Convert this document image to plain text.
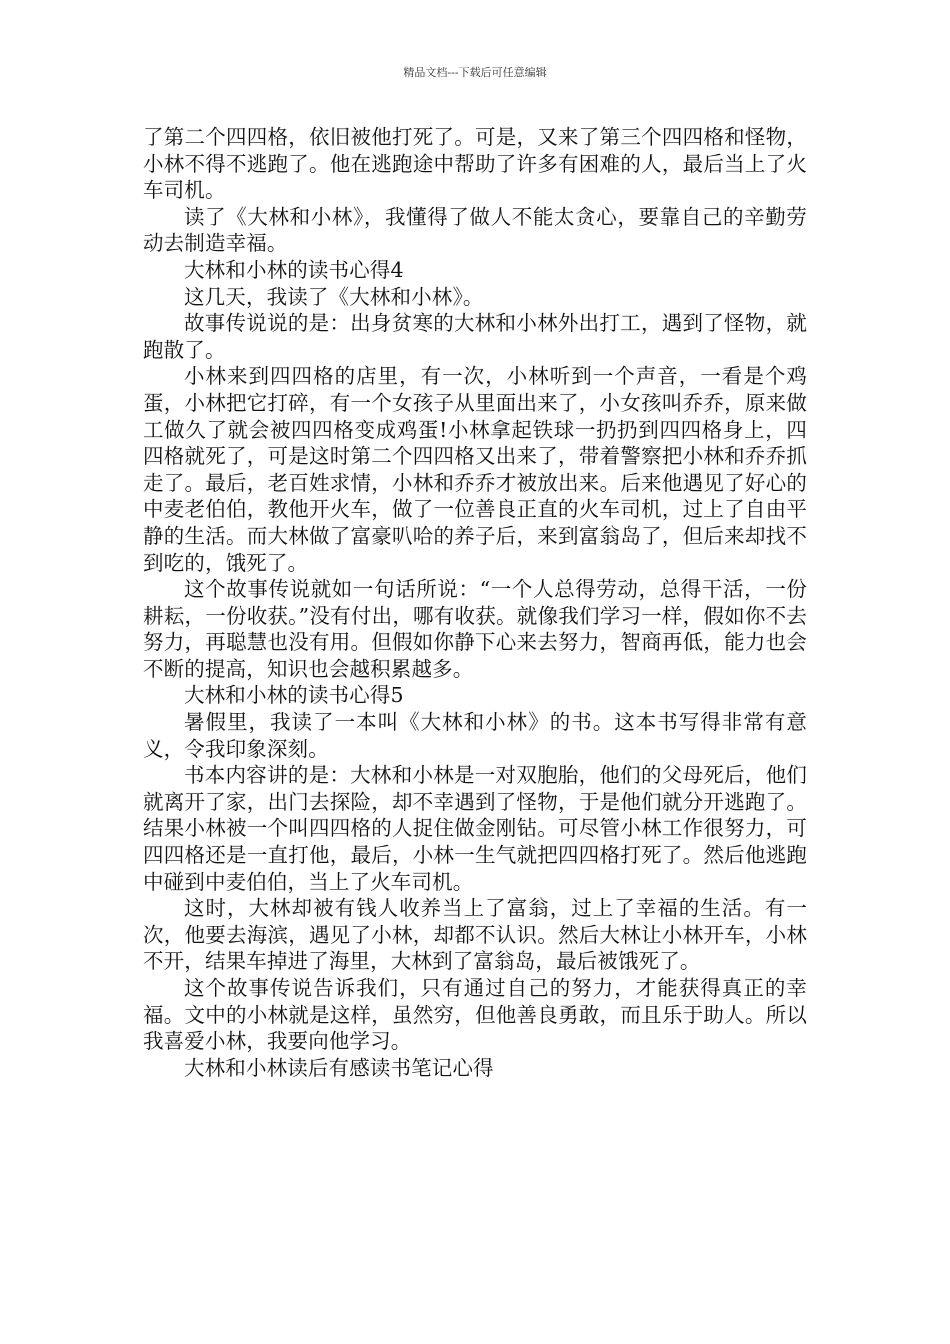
精品文档---下载后可任意编辑

了第二个四四格，依旧被他打死了。可是，又来了第三个四四格和怪物，小林不得不逃跑了。他在逃跑途中帮助了许多有困难的人，最后当上了火车司机。

读了《大林和小林》，我懂得了做人不能太贪心，要靠自己的辛勤劳动去制造幸福。

大林和小林的读书心得4

这几天，我读了《大林和小林》。

故事传说说的是：出身贫寒的大林和小林外出打工，遇到了怪物，就跑散了。

小林来到四四格的店里，有一次，小林听到一个声音，一看是个鸡蛋，小林把它打碎，有一个女孩子从里面出来了，小女孩叫乔乔，原来做工做久了就会被四四格变成鸡蛋!小林拿起铁球一扔扔到四四格身上，四四格就死了，可是这时第二个四四格又出来了，带着警察把小林和乔乔抓走了。最后，老百姓求情，小林和乔乔才被放出来。后来他遇见了好心的中麦老伯伯，教他开火车，做了一位善良正直的火车司机，过上了自由平静的生活。而大林做了富豪叭哈的养子后，来到富翁岛了，但后来却找不到吃的，饿死了。

这个故事传说就如一句话所说：“一个人总得劳动，总得干活，一份耕耘，一份收获。”没有付出，哪有收获。就像我们学习一样，假如你不去努力，再聪慧也没有用。但假如你静下心来去努力，智商再低，能力也会不断的提高，知识也会越积累越多。

大林和小林的读书心得5

暑假里，我读了一本叫《大林和小林》的书。这本书写得非常有意义，令我印象深刻。

书本内容讲的是：大林和小林是一对双胞胎，他们的父母死后，他们就离开了家，出门去探险，却不幸遇到了怪物，于是他们就分开逃跑了。结果小林被一个叫四四格的人捉住做金刚钻。可尽管小林工作很努力，可四四格还是一直打他，最后，小林一生气就把四四格打死了。然后他逃跑中碰到中麦伯伯，当上了火车司机。

这时，大林却被有钱人收养当上了富翁，过上了幸福的生活。有一次，他要去海滨，遇见了小林，却都不认识。然后大林让小林开车，小林不开，结果车掉进了海里，大林到了富翁岛，最后被饿死了。

这个故事传说告诉我们，只有通过自己的努力，才能获得真正的幸福。文中的小林就是这样，虽然穷，但他善良勇敢，而且乐于助人。所以我喜爱小林，我要向他学习。

大林和小林读后有感读书笔记心得
